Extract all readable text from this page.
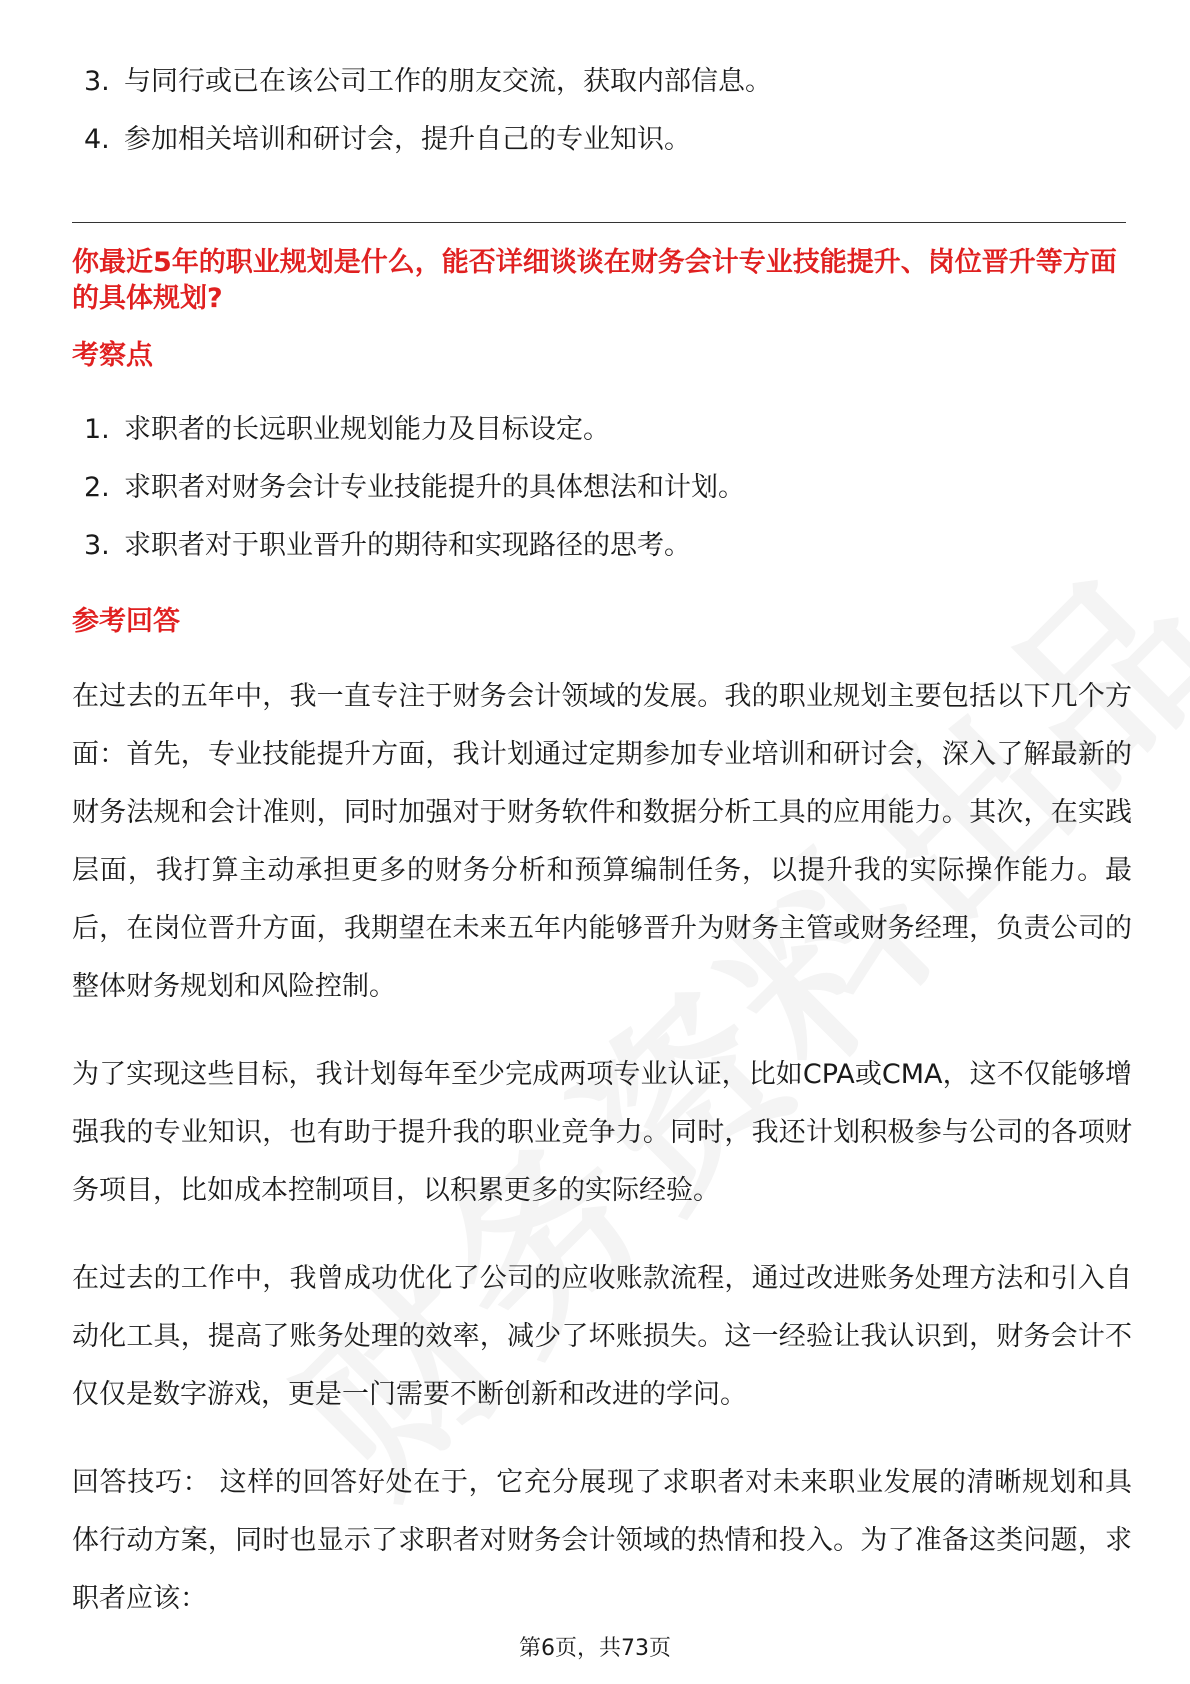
3. 与同行或已在该公司工作的朋友交流，获取内部信息。
4. 参加相关培训和研讨会，提升自己的专业知识。
你最近5年的职业规划是什么，能否详细谈谈在财务会计专业技能提升、岗位晋升等方面的具体规划?
考察点
1. 求职者的长远职业规划能力及目标设定。
2. 求职者对财务会计专业技能提升的具体想法和计划。
3. 求职者对于职业晋升的期待和实现路径的思考。
参考回答

在过去的五年中，我一直专注于财务会计领域的发展。我的职业规划主要包括以下几个方面：首先，专业技能提升方面，我计划通过定期参加专业培训和研讨会，深入了解最新的财务法规和会计准则，同时加强对于财务软件和数据分析工具的应用能力。其次，在实践层面，我打算主动承担更多的财务分析和预算编制任务，以提升我的实际操作能力。最后，在岗位晋升方面，我期望在未来五年内能够晋升为财务主管或财务经理，负责公司的整体财务规划和风险控制。

为了实现这些目标，我计划每年至少完成两项专业认证，比如CPA或CMA，这不仅能够增强我的专业知识，也有助于提升我的职业竞争力。同时，我还计划积极参与公司的各项财务项目，比如成本控制项目，以积累更多的实际经验。

在过去的工作中，我曾成功优化了公司的应收账款流程，通过改进账务处理方法和引入自动化工具，提高了账务处理的效率，减少了坏账损失。这一经验让我认识到，财务会计不仅仅是数字游戏，更是一门需要不断创新和改进的学问。

回答技巧： 这样的回答好处在于，它充分展现了求职者对未来职业发展的清晰规划和具体行动方案，同时也显示了求职者对财务会计领域的热情和投入。为了准备这类问题，求职者应该：

第6页，共73页
